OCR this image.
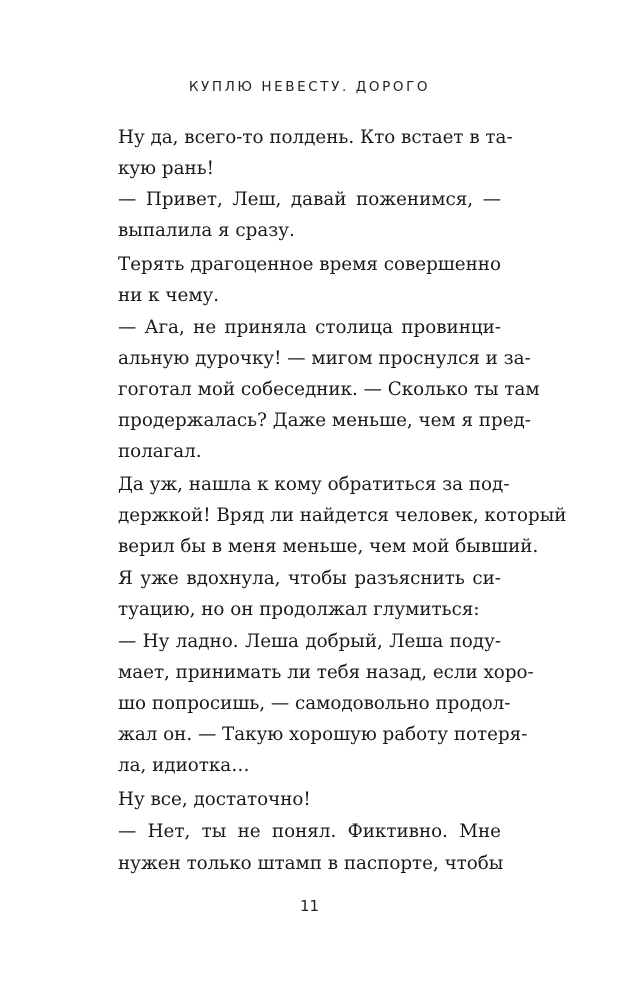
КУПЛЮ НЕВЕСТУ. ДОРОГО
Ну да, всего-то полдень. Кто встает в та-
кую рань!
— Привет, Леш, давай поженимся, —
выпалила я сразу.
Терять драгоценное время совершенно
ни к чему.
— Ага, не приняла столица провинци-
альную дурочку! — мигом проснулся и за-
гоготал мой собеседник. — Сколько ты там
продержалась? Даже меньше, чем я пред-
полагал.
Да уж, нашла к кому обратиться за под-
держкой! Вряд ли найдется человек, который
верил бы в меня меньше, чем мой бывший.
Я уже вдохнула, чтобы разъяснить си-
туацию, но он продолжал глумиться:
— Ну ладно. Леша добрый, Леша поду-
мает, принимать ли тебя назад, если хоро-
шо попросишь, — самодовольно продол-
жал он. — Такую хорошую работу потеря-
ла, идиотка…
Ну все, достаточно!
— Нет, ты не понял. Фиктивно. Мне
нужен только штамп в паспорте, чтобы
11
